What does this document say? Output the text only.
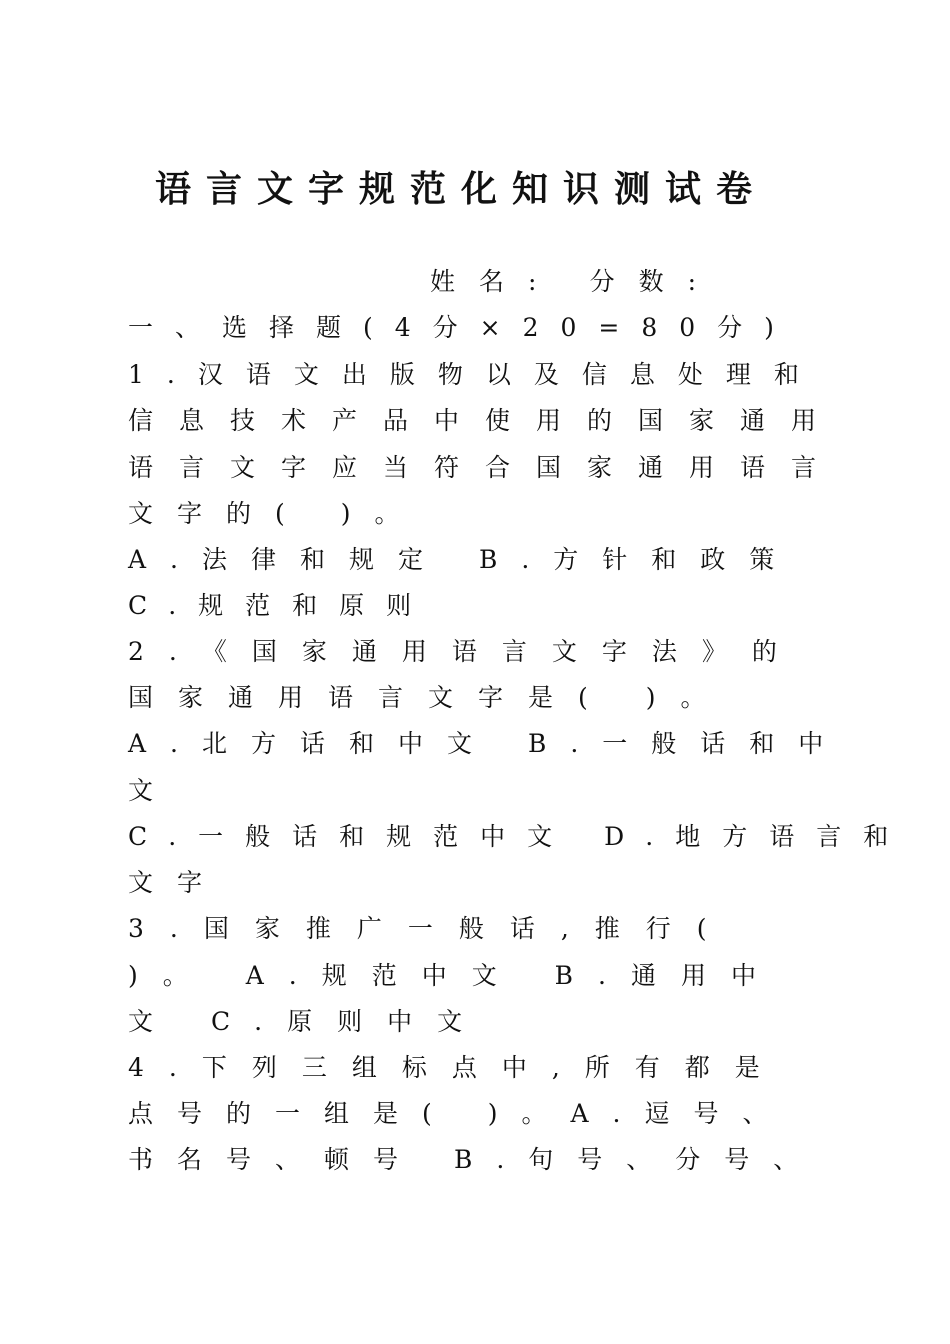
语言文字规范化知识测试卷
姓名: 分数:
一、选择题(4分×20=80分)
1.汉语文出版物以及信息处理和
信息技术产品中使用的国家通用
语言文字应当符合国家通用语言
文字的( )。
A.法律和规定 B.方针和政策
C.规范和原则
2.《国家通用语言文字法》的
国家通用语言文字是( )。
A.北方话和中文 B.一般话和中
文
C.一般话和规范中文 D.地方语言和
文字
3.国家推广一般话,推行(
)。 A.规范中文 B.通用中
文 C.原则中文
4.下列三组标点中,所有都是
点号的一组是( )。A.逗号、
书名号、顿号 B.句号、分号、
